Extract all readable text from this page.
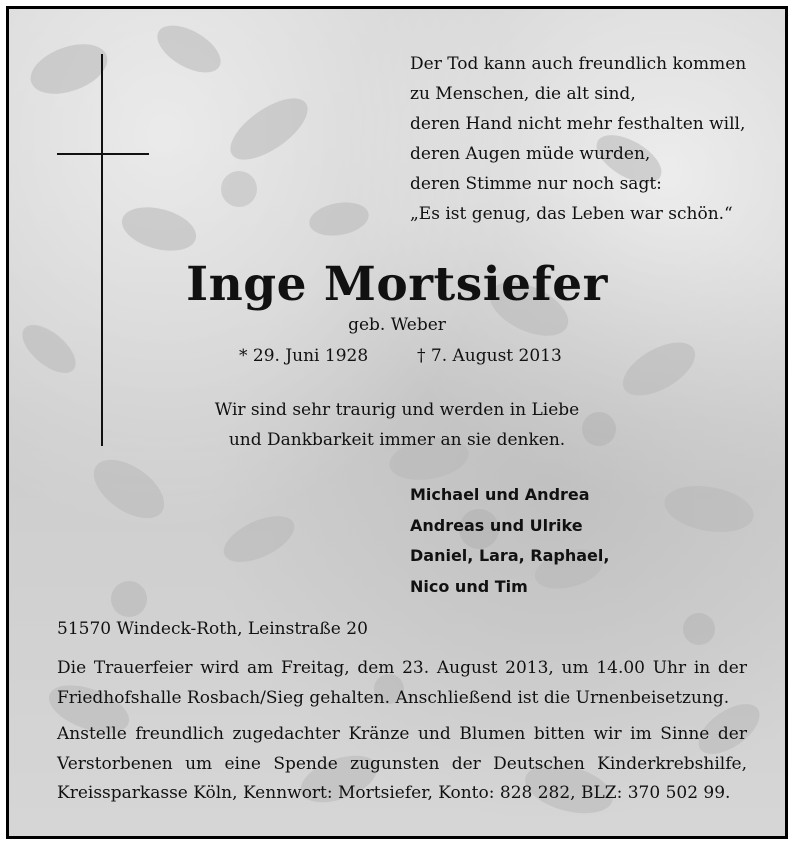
Der Tod kann auch freundlich kommen
zu Menschen, die alt sind,
deren Hand nicht mehr festhalten will,
deren Augen müde wurden,
deren Stimme nur noch sagt:
„Es ist genug, das Leben war schön.“
Inge Mortsiefer
geb. Weber
* 29. Juni 1928	† 7. August 2013
Wir sind sehr traurig und werden in Liebe
und Dankbarkeit immer an sie denken.
Michael und Andrea
Andreas und Ulrike
Daniel, Lara, Raphael,
Nico und Tim
51570 Windeck-Roth, Leinstraße 20
Die Trauerfeier wird am Freitag, dem 23. August 2013, um 14.00 Uhr in der Friedhofshalle Rosbach/Sieg gehalten. Anschließend ist die Urnenbeisetzung.
Anstelle freundlich zugedachter Kränze und Blumen bitten wir im Sinne der Verstorbenen um eine Spende zugunsten der Deutschen Kinderkrebshilfe, Kreissparkasse Köln, Kennwort: Mortsiefer, Konto: 828 282, BLZ: 370 502 99.
